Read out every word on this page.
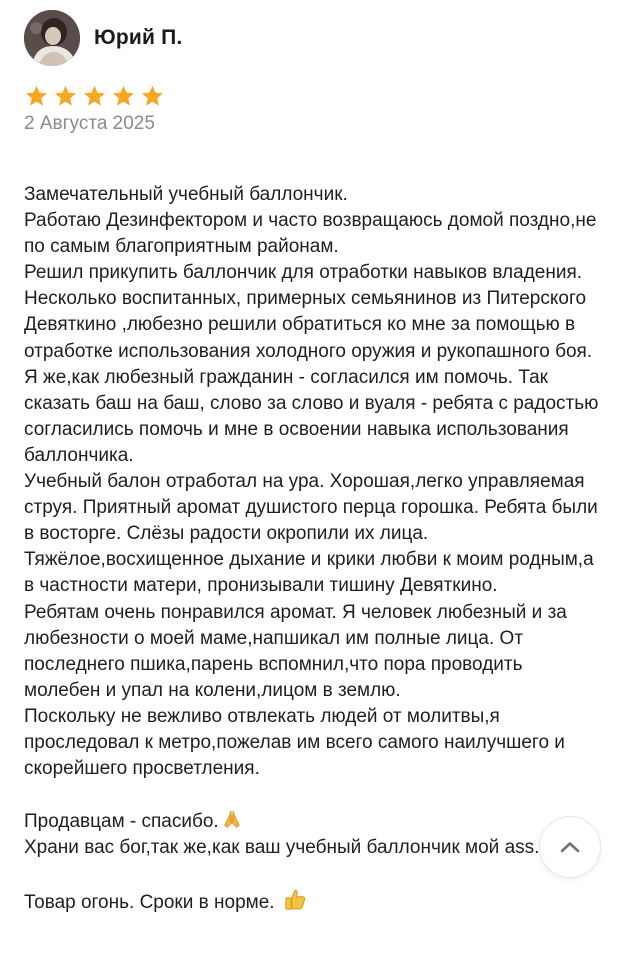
Юрий П.
2 Августа 2025

Замечательный учебный баллончик.
Работаю Дезинфектором и часто возвращаюсь домой поздно,не по самым благоприятным районам.
Решил прикупить баллончик для отработки навыков владения.
Несколько воспитанных, примерных семьянинов из Питерского Девяткино ,любезно решили обратиться ко мне за помощью в отработке использования холодного оружия и рукопашного боя. Я же,как любезный гражданин - согласился им помочь. Так сказать баш на баш, слово за слово и вуаля - ребята с радостью согласились помочь и мне в освоении навыка использования баллончика.
Учебный балон отработал на ура. Хорошая,легко управляемая струя. Приятный аромат душистого перца горошка. Ребята были в восторге. Слёзы радости окропили их лица. Тяжёлое,восхищенное дыхание и крики любви к моим родным,а в частности матери, пронизывали тишину Девяткино.
Ребятам очень понравился аромат. Я человек любезный и за любезности о моей маме,напшикал им полные лица. От последнего пшика,парень вспомнил,что пора проводить молебен и упал на колени,лицом в землю.
Поскольку не вежливо отвлекать людей от молитвы,я проследовал к метро,пожелав им всего самого наилучшего и скорейшего просветления.

Продавцам - спасибо.

Храни вас бог,так же,как ваш учебный баллончик мой ass.

Товар огонь. Сроки в норме.
